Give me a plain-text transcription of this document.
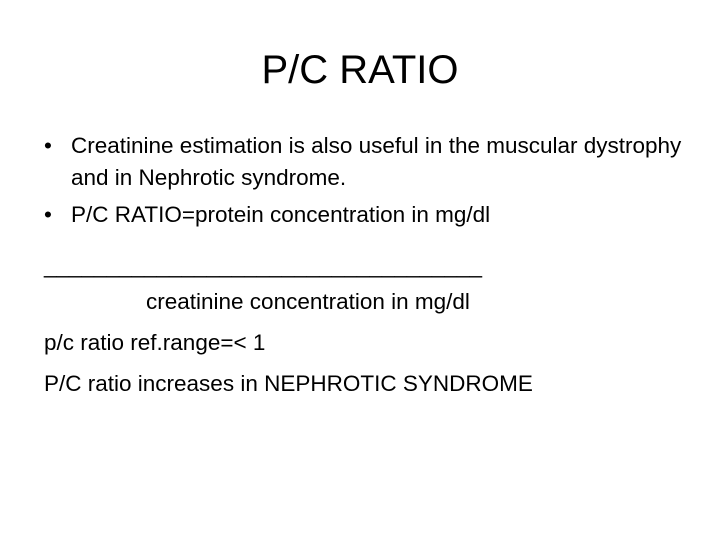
P/C RATIO
• Creatinine estimation is also useful in the muscular dystrophy and in Nephrotic syndrome.
• P/C RATIO=protein concentration in mg/dl
___________________________________
creatinine concentration in mg/dl
p/c ratio ref.range=< 1
P/C ratio increases in NEPHROTIC SYNDROME
